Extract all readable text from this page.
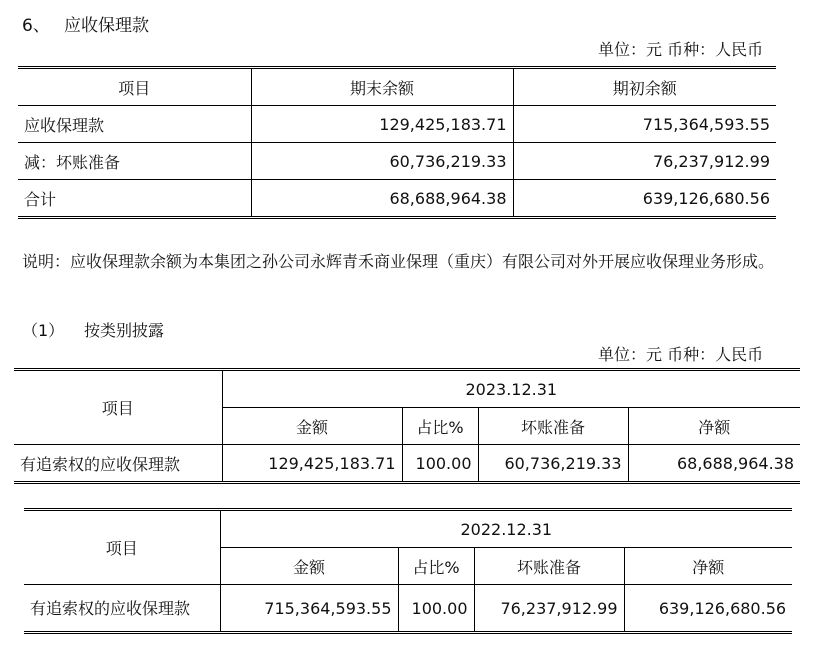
6、 应收保理款
单位：元 币种：人民币
项目	期末余额	期初余额
应收保理款	129,425,183.71	715,364,593.55
减：坏账准备	60,736,219.33	76,237,912.99
合计	68,688,964.38	639,126,680.56
说明：应收保理款余额为本集团之孙公司永辉青禾商业保理（重庆）有限公司对外开展应收保理业务形成。
（1） 按类别披露
单位：元 币种：人民币
项目	2023.12.31			
	金额	占比%	坏账准备	净额
有追索权的应收保理款	129,425,183.71	100.00	60,736,219.33	68,688,964.38
项目	2022.12.31			
	金额	占比%	坏账准备	净额
有追索权的应收保理款	715,364,593.55	100.00	76,237,912.99	639,126,680.56
